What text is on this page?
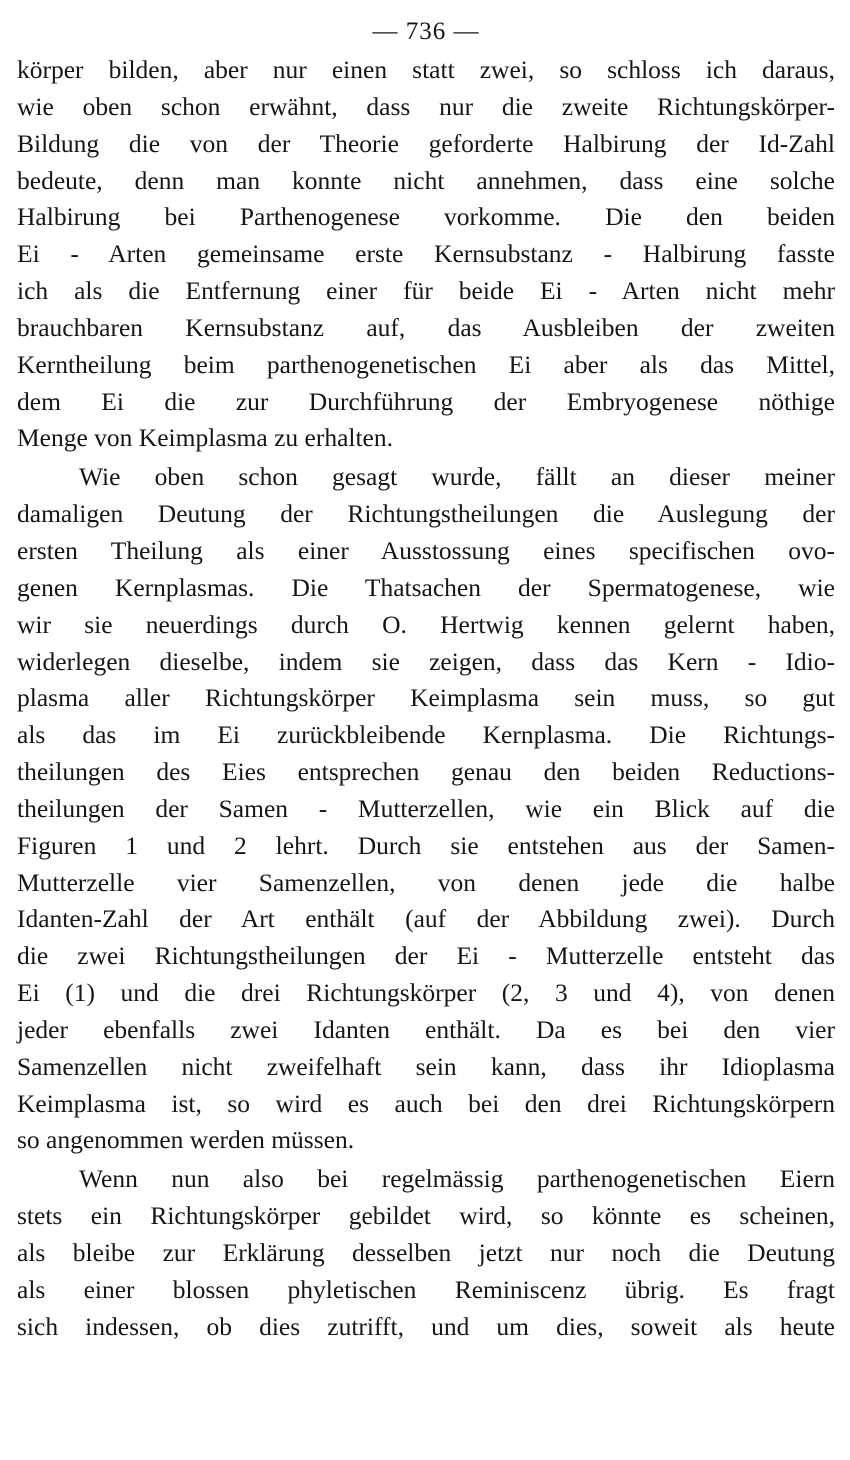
— 736 —
körper bilden, aber nur einen statt zwei, so schloss ich daraus,
wie oben schon erwähnt, dass nur die zweite Richtungskörper-
Bildung die von der Theorie geforderte Halbirung der Id-Zahl
bedeute, denn man konnte nicht annehmen, dass eine solche
Halbirung bei Parthenogenese vorkomme. Die den beiden
Ei - Arten gemeinsame erste Kernsubstanz - Halbirung fasste
ich als die Entfernung einer für beide Ei - Arten nicht mehr
brauchbaren Kernsubstanz auf, das Ausbleiben der zweiten
Kerntheilung beim parthenogenetischen Ei aber als das Mittel,
dem Ei die zur Durchführung der Embryogenese nöthige
Menge von Keimplasma zu erhalten.
Wie oben schon gesagt wurde, fällt an dieser meiner
damaligen Deutung der Richtungstheilungen die Auslegung der
ersten Theilung als einer Ausstossung eines specifischen ovo-
genen Kernplasmas. Die Thatsachen der Spermatogenese, wie
wir sie neuerdings durch O. Hertwig kennen gelernt haben,
widerlegen dieselbe, indem sie zeigen, dass das Kern - Idio-
plasma aller Richtungskörper Keimplasma sein muss, so gut
als das im Ei zurückbleibende Kernplasma. Die Richtungs-
theilungen des Eies entsprechen genau den beiden Reductions-
theilungen der Samen - Mutterzellen, wie ein Blick auf die
Figuren 1 und 2 lehrt. Durch sie entstehen aus der Samen-
Mutterzelle vier Samenzellen, von denen jede die halbe
Idanten-Zahl der Art enthält (auf der Abbildung zwei). Durch
die zwei Richtungstheilungen der Ei - Mutterzelle entsteht das
Ei (1) und die drei Richtungskörper (2, 3 und 4), von denen
jeder ebenfalls zwei Idanten enthält. Da es bei den vier
Samenzellen nicht zweifelhaft sein kann, dass ihr Idioplasma
Keimplasma ist, so wird es auch bei den drei Richtungskörpern
so angenommen werden müssen.
Wenn nun also bei regelmässig parthenogenetischen Eiern
stets ein Richtungskörper gebildet wird, so könnte es scheinen,
als bleibe zur Erklärung desselben jetzt nur noch die Deutung
als einer blossen phyletischen Reminiscenz übrig. Es fragt
sich indessen, ob dies zutrifft, und um dies, soweit als heute
